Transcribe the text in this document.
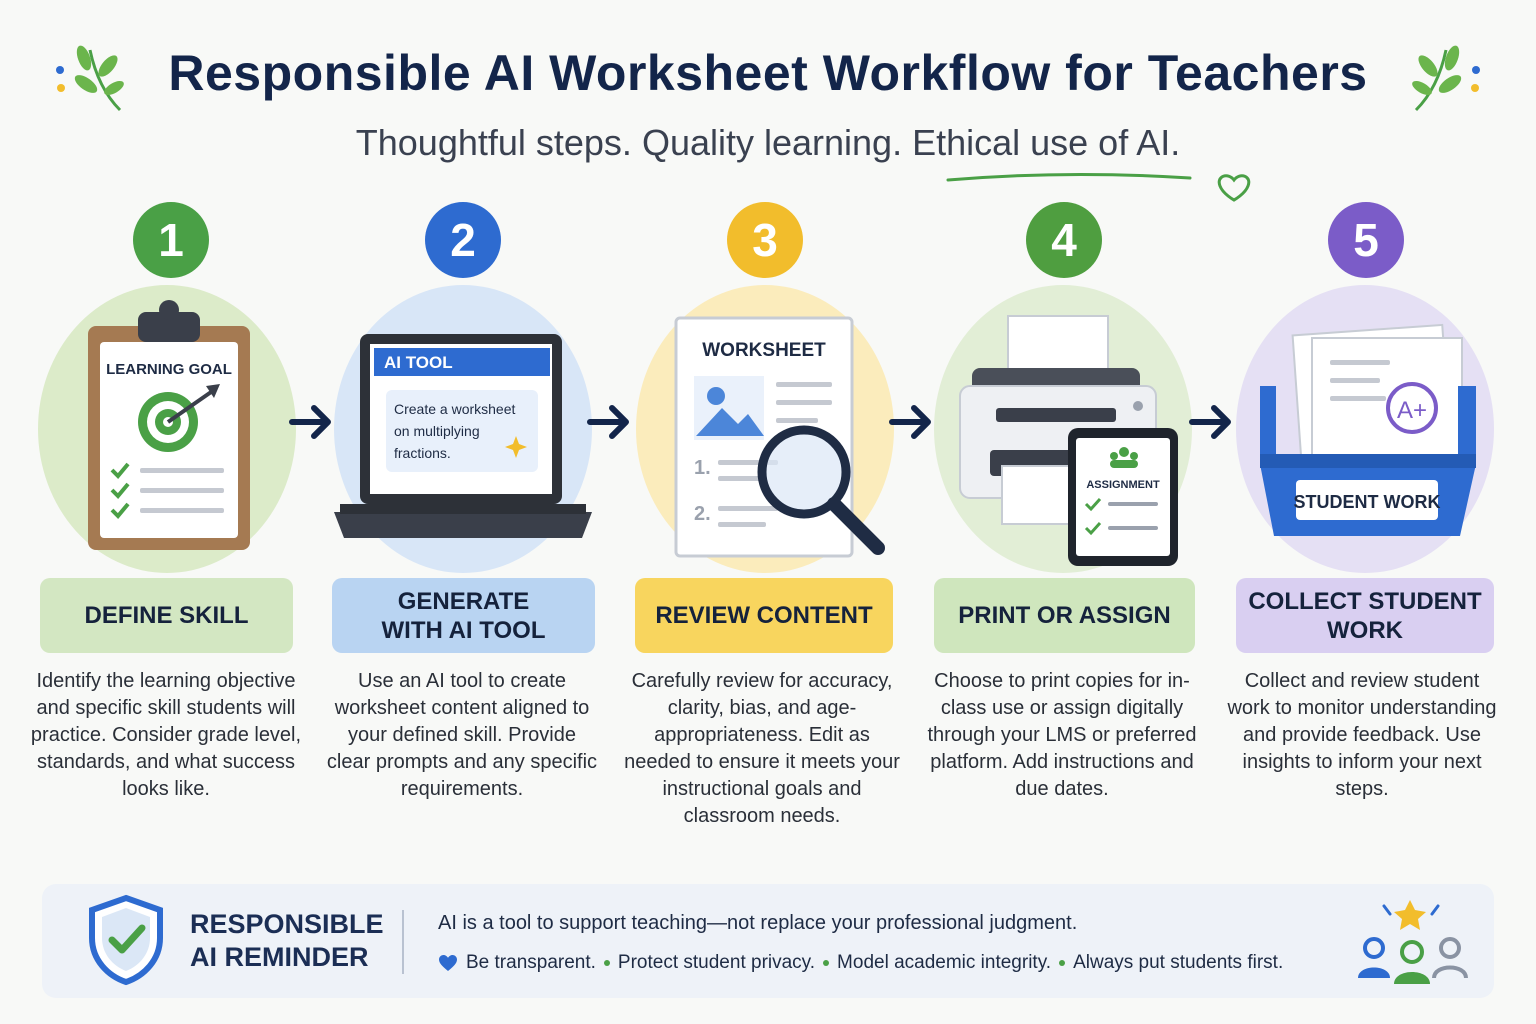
Responsible AI Worksheet Workflow for Teachers
Thoughtful steps. Quality learning. Ethical use of AI.
1	2	3	4	5
LEARNING GOAL	AI TOOL
Create a worksheet on multiplying fractions.
WORKSHEET
1.
2.
ASSIGNMENT
A+
STUDENT WORK
DEFINE SKILL
GENERATE
WITH AI TOOL
REVIEW CONTENT	PRINT OR ASSIGN
COLLECT STUDENT
WORK
Identify the learning objective and specific skill students will practice. Consider grade level, standards, and what success looks like.
Use an AI tool to create worksheet content aligned to your defined skill. Provide clear prompts and any specific requirements.
Carefully review for accuracy, clarity, bias, and age-appropriateness. Edit as needed to ensure it meets your instructional goals and classroom needs.
Choose to print copies for in-class use or assign digitally through your LMS or preferred platform. Add instructions and due dates.
Collect and review student work to monitor understanding and provide feedback. Use insights to inform your next steps.
RESPONSIBLE
AI REMINDER
AI is a tool to support teaching—not replace your professional judgment.
Be transparent. Protect student privacy. Model academic integrity. Always put students first.
